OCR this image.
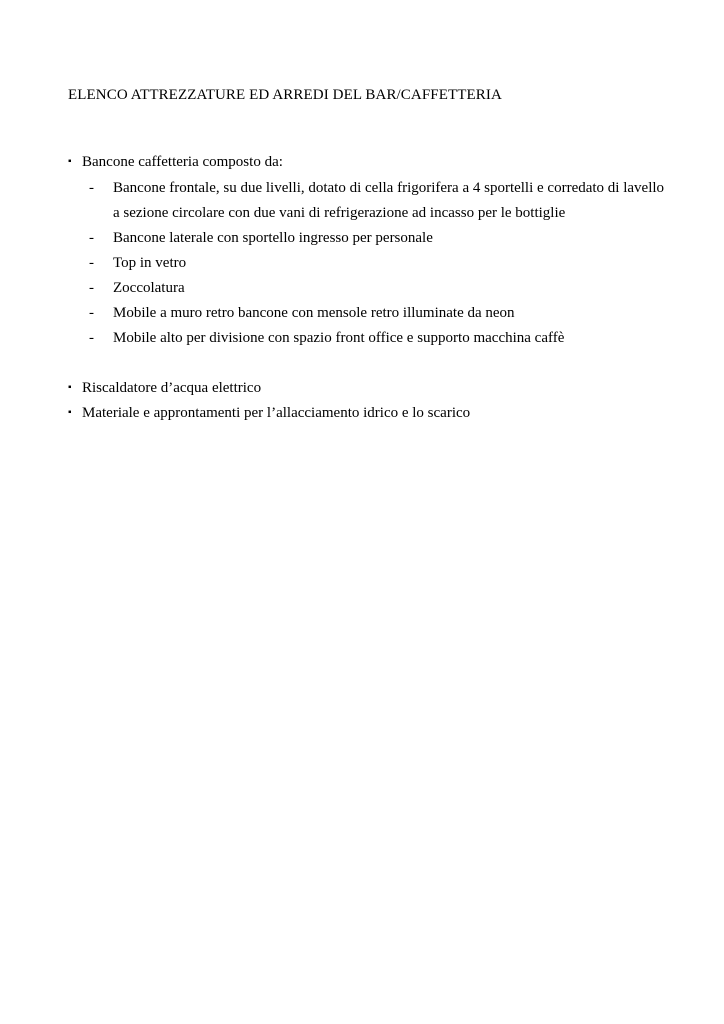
ELENCO ATTREZZATURE ED ARREDI DEL BAR/CAFFETTERIA
▪ Bancone caffetteria composto da:
- Bancone frontale, su due livelli, dotato di cella frigorifera a 4 sportelli e corredato di lavello
a sezione circolare con due vani di refrigerazione ad incasso per le bottiglie
- Bancone laterale con sportello ingresso per personale
- Top in vetro
- Zoccolatura
- Mobile a muro retro bancone con mensole retro illuminate da neon
- Mobile alto per divisione con spazio front office e supporto macchina caffè
▪ Riscaldatore d’acqua elettrico
▪ Materiale e approntamenti per l’allacciamento idrico e lo scarico
